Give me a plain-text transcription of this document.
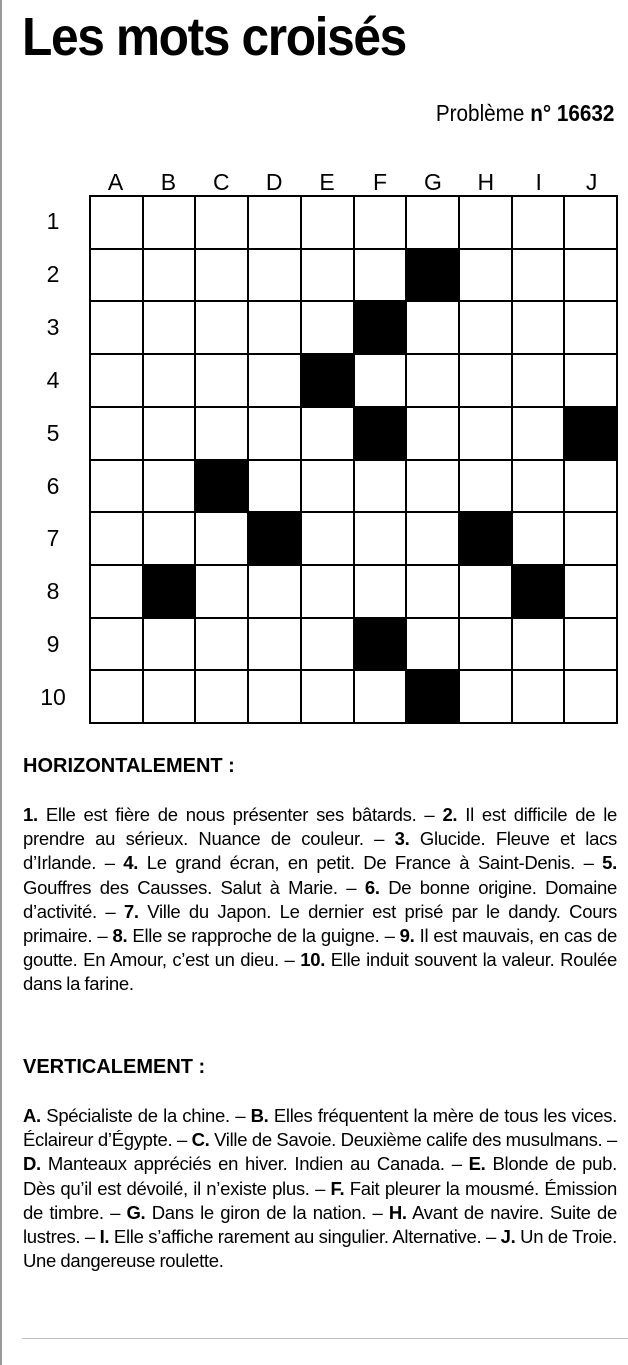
Les mots croisés
Problème n° 16632
A	B	C	D	E	F	G	H	I	J
1
2
3
4
5
6
7
8
9
10
HORIZONTALEMENT :

1. Elle est fière de nous présenter ses bâtards. – 2. Il est difficile de le prendre au sérieux. Nuance de couleur. – 3. Glucide. Fleuve et lacs d’Irlande. – 4. Le grand écran, en petit. De France à Saint-Denis. – 5. Gouffres des Causses. Salut à Marie. – 6. De bonne origine. Domaine d’activité. – 7. Ville du Japon. Le dernier est prisé par le dandy. Cours primaire. – 8. Elle se rapproche de la guigne. – 9. Il est mauvais, en cas de goutte. En Amour, c’est un dieu. – 10. Elle induit souvent la valeur. Roulée dans la farine.

VERTICALEMENT :

A. Spécialiste de la chine. – B. Elles fréquentent la mère de tous les vices. Éclaireur d’Égypte. – C. Ville de Savoie. Deuxième calife des musulmans. – D. Manteaux appréciés en hiver. Indien au Canada. – E. Blonde de pub. Dès qu’il est dévoilé, il n’existe plus. – F. Fait pleurer la mousmé. Émission de timbre. – G. Dans le giron de la nation. – H. Avant de navire. Suite de lustres. – I. Elle s’affiche rarement au singulier. Alternative. – J. Un de Troie. Une dangereuse roulette.
